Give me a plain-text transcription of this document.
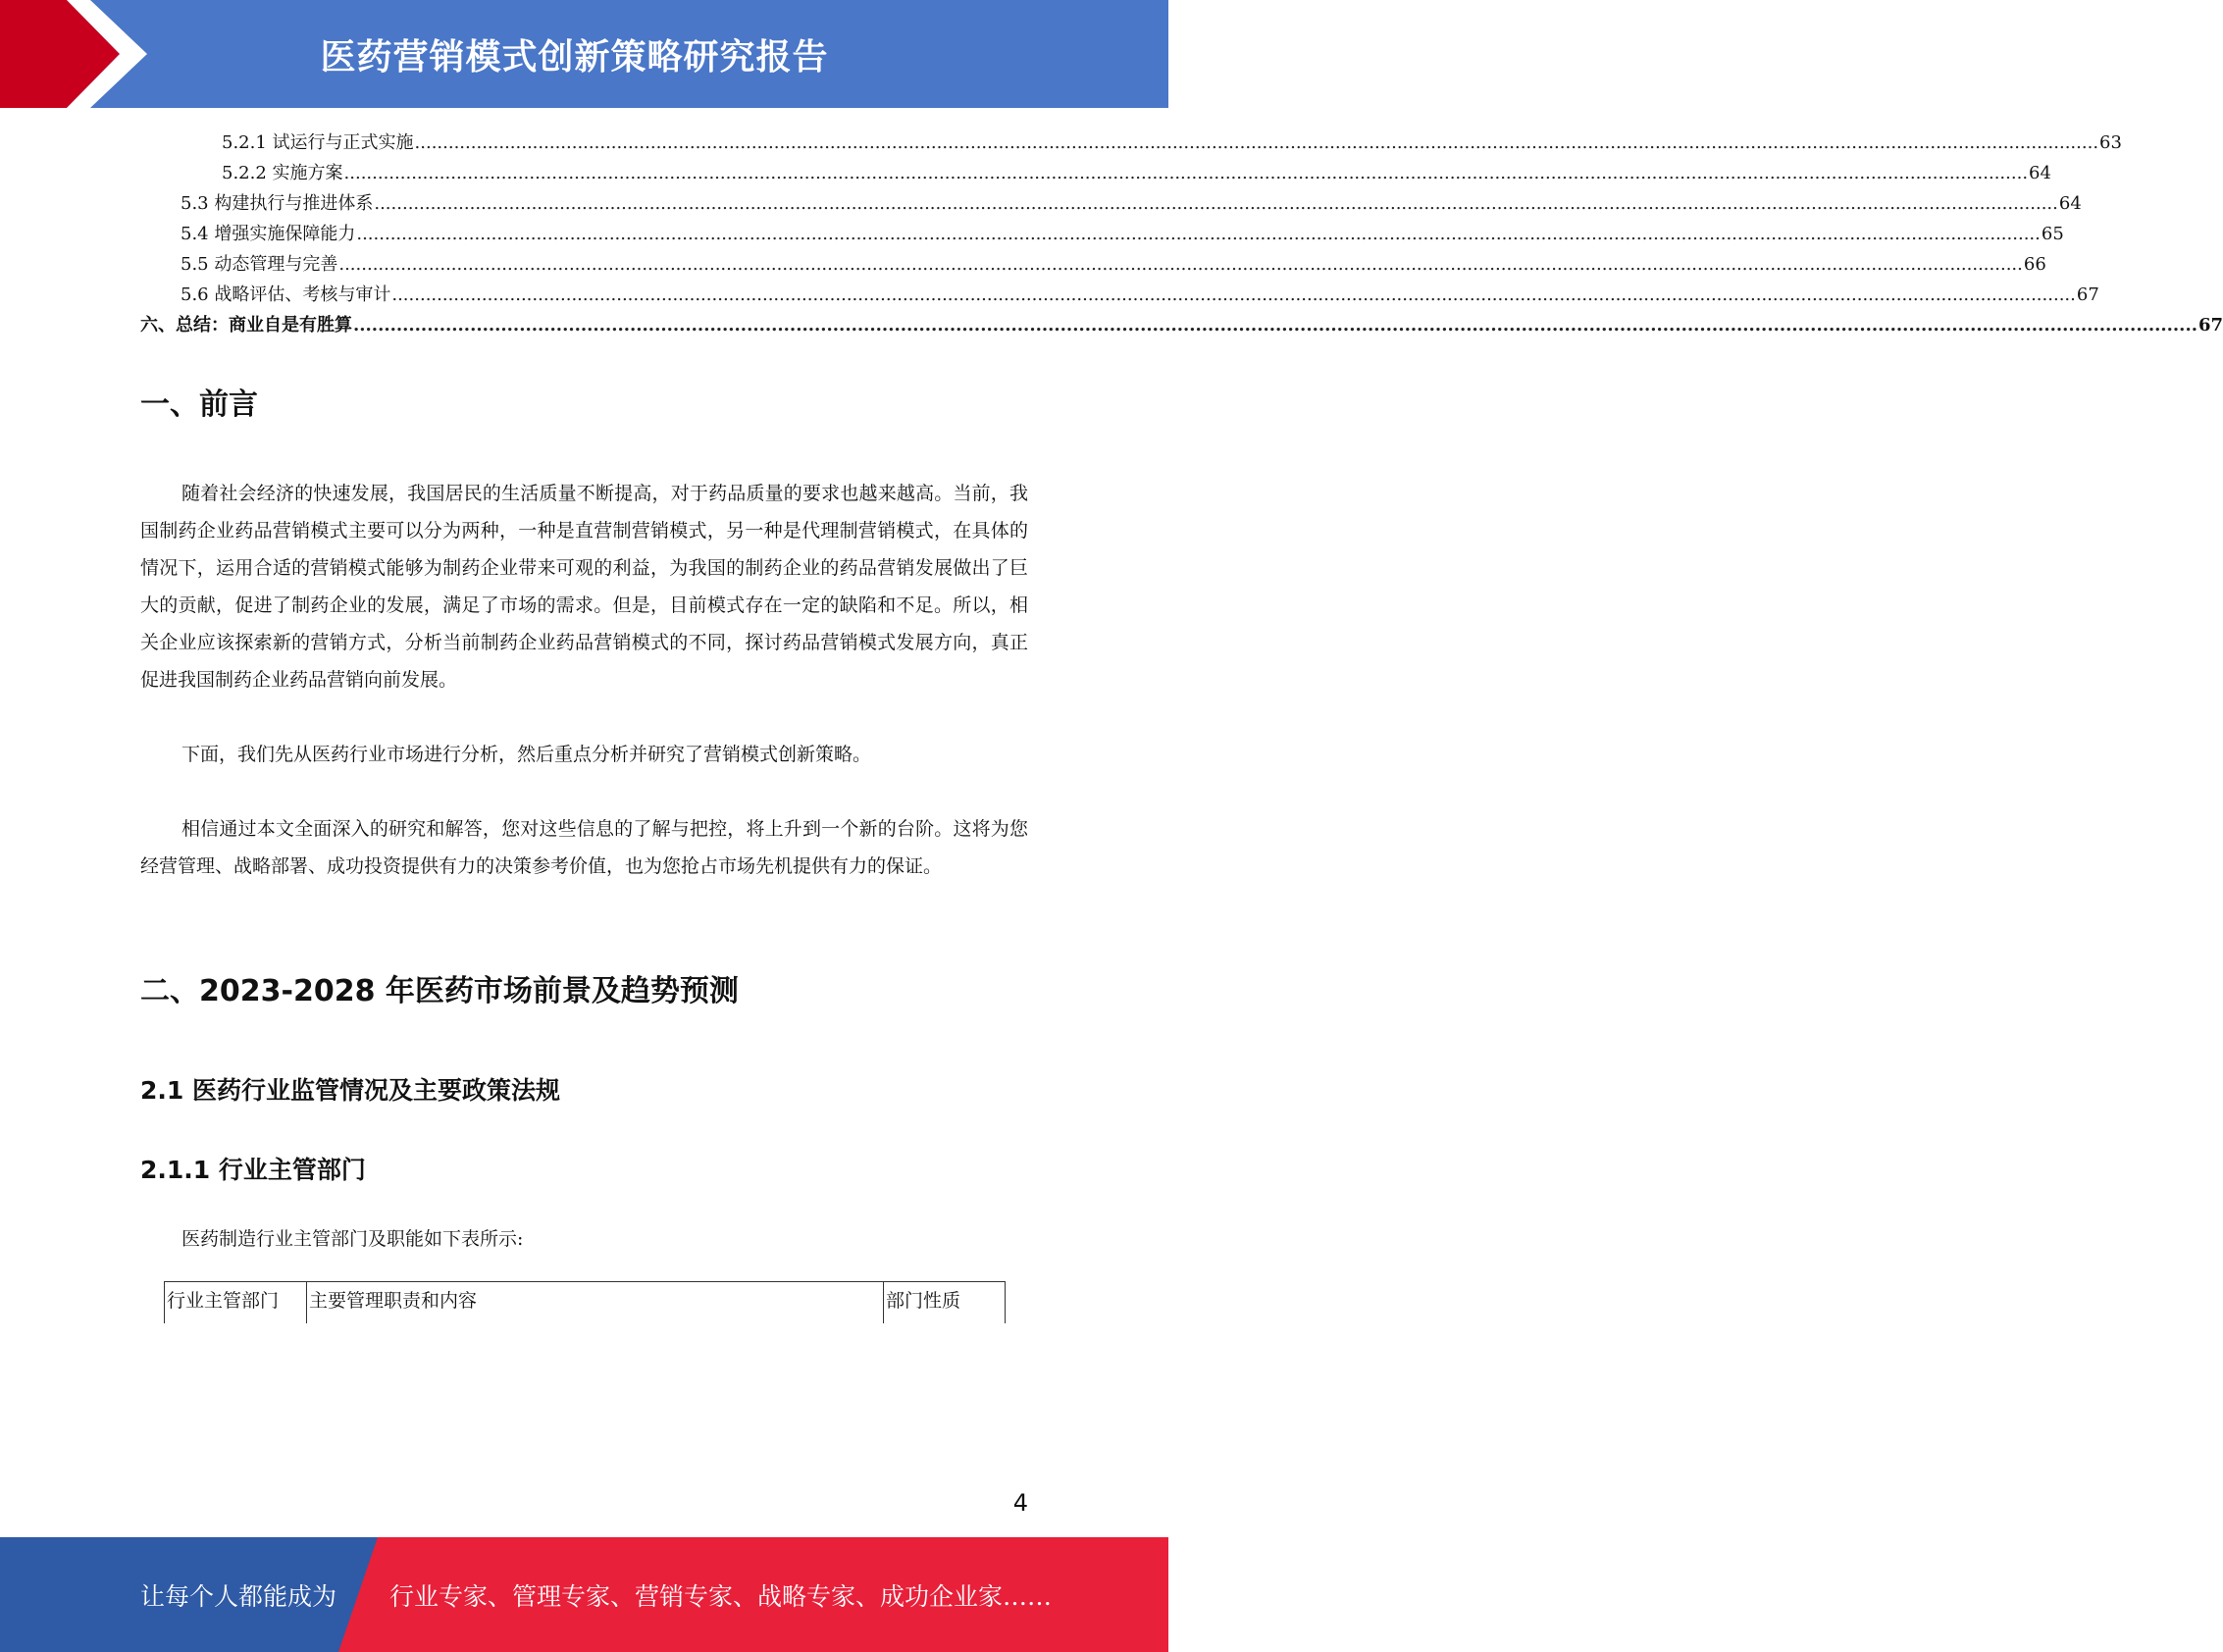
医药营销模式创新策略研究报告
5.2.1 试运行与正式实施 ............................................................................................................................................................................................................................................................................................................ 63
5.2.2 实施方案 ............................................................................................................................................................................................................................................................................................................ 64
5.3 构建执行与推进体系 ............................................................................................................................................................................................................................................................................................................ 64
5.4 增强实施保障能力 ............................................................................................................................................................................................................................................................................................................ 65
5.5 动态管理与完善 ............................................................................................................................................................................................................................................................................................................ 66
5.6 战略评估、考核与审计 ............................................................................................................................................................................................................................................................................................................ 67
六、总结：商业自是有胜算 ............................................................................................................................................................................................................................................................................................................ 67
一、前言

随着社会经济的快速发展，我国居民的生活质量不断提高，对于药品质量的要求也越来越高。当前，我国制药企业药品营销模式主要可以分为两种，一种是直营制营销模式，另一种是代理制营销模式，在具体的情况下，运用合适的营销模式能够为制药企业带来可观的利益，为我国的制药企业的药品营销发展做出了巨大的贡献，促进了制药企业的发展，满足了市场的需求。但是，目前模式存在一定的缺陷和不足。所以，相关企业应该探索新的营销方式，分析当前制药企业药品营销模式的不同，探讨药品营销模式发展方向，真正促进我国制药企业药品营销向前发展。

下面，我们先从医药行业市场进行分析，然后重点分析并研究了营销模式创新策略。

相信通过本文全面深入的研究和解答，您对这些信息的了解与把控，将上升到一个新的台阶。这将为您经营管理、战略部署、成功投资提供有力的决策参考价值，也为您抢占市场先机提供有力的保证。

二、2023-2028 年医药市场前景及趋势预测
2.1 医药行业监管情况及主要政策法规
2.1.1 行业主管部门

医药制造行业主管部门及职能如下表所示:

行业主管部门	主要管理职责和内容	部门性质
4
让每个人都能成为 行业专家、管理专家、营销专家、战略专家、成功企业家……
